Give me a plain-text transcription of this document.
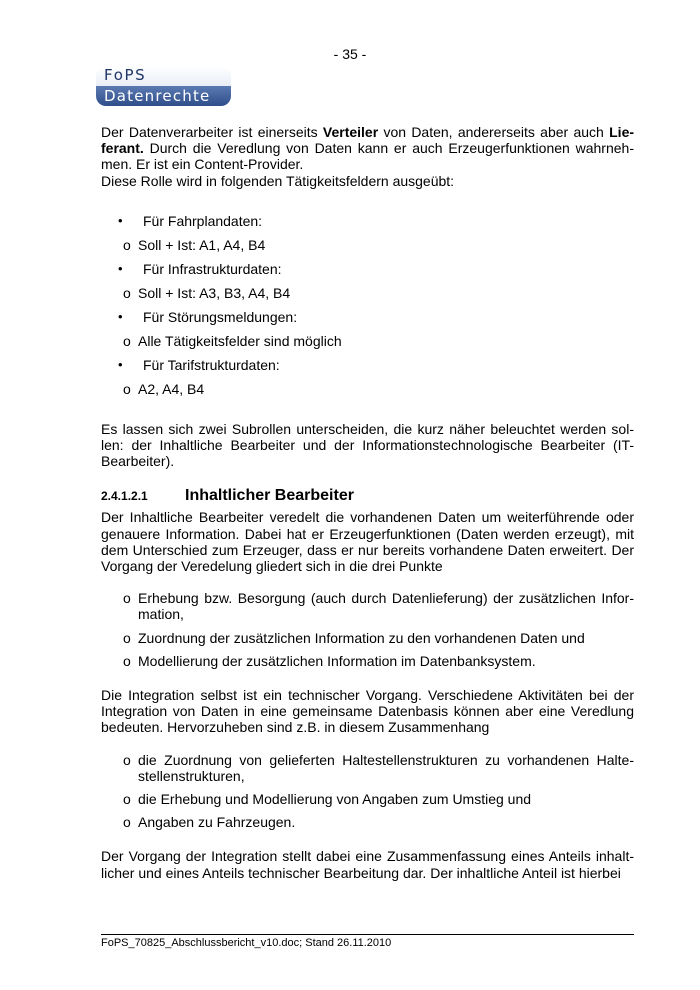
- 35 -
FoPS
Datenrechte

Der Datenverarbeiter ist einerseits Verteiler von Daten, andererseits aber auch Lie-ferant. Durch die Veredlung von Daten kann er auch Erzeugerfunktionen wahrneh-men. Er ist ein Content-Provider.

Diese Rolle wird in folgenden Tätigkeitsfeldern ausgeübt:

• Für Fahrplandaten:
o Soll + Ist: A1, A4, B4
• Für Infrastrukturdaten:
o Soll + Ist: A3, B3, A4, B4
• Für Störungsmeldungen:
o Alle Tätigkeitsfelder sind möglich
• Für Tarifstrukturdaten:
o A2, A4, B4

Es lassen sich zwei Subrollen unterscheiden, die kurz näher beleuchtet werden sol-len: der Inhaltliche Bearbeiter und der Informationstechnologische Bearbeiter (IT-Bearbeiter).

2.4.1.2.1 Inhaltlicher Bearbeiter

Der Inhaltliche Bearbeiter veredelt die vorhandenen Daten um weiterführende oder genauere Information. Dabei hat er Erzeugerfunktionen (Daten werden erzeugt), mit dem Unterschied zum Erzeuger, dass er nur bereits vorhandene Daten erweitert. Der Vorgang der Veredelung gliedert sich in die drei Punkte

o Erhebung bzw. Besorgung (auch durch Datenlieferung) der zusätzlichen Infor-mation,
o Zuordnung der zusätzlichen Information zu den vorhandenen Daten und
o Modellierung der zusätzlichen Information im Datenbanksystem.

Die Integration selbst ist ein technischer Vorgang. Verschiedene Aktivitäten bei der Integration von Daten in eine gemeinsame Datenbasis können aber eine Veredlung bedeuten. Hervorzuheben sind z.B. in diesem Zusammenhang

o die Zuordnung von gelieferten Haltestellenstrukturen zu vorhandenen Halte-stellenstrukturen,
o die Erhebung und Modellierung von Angaben zum Umstieg und
o Angaben zu Fahrzeugen.

Der Vorgang der Integration stellt dabei eine Zusammenfassung eines Anteils inhalt-licher und eines Anteils technischer Bearbeitung dar. Der inhaltliche Anteil ist hierbei

FoPS_70825_Abschlussbericht_v10.doc; Stand 26.11.2010
